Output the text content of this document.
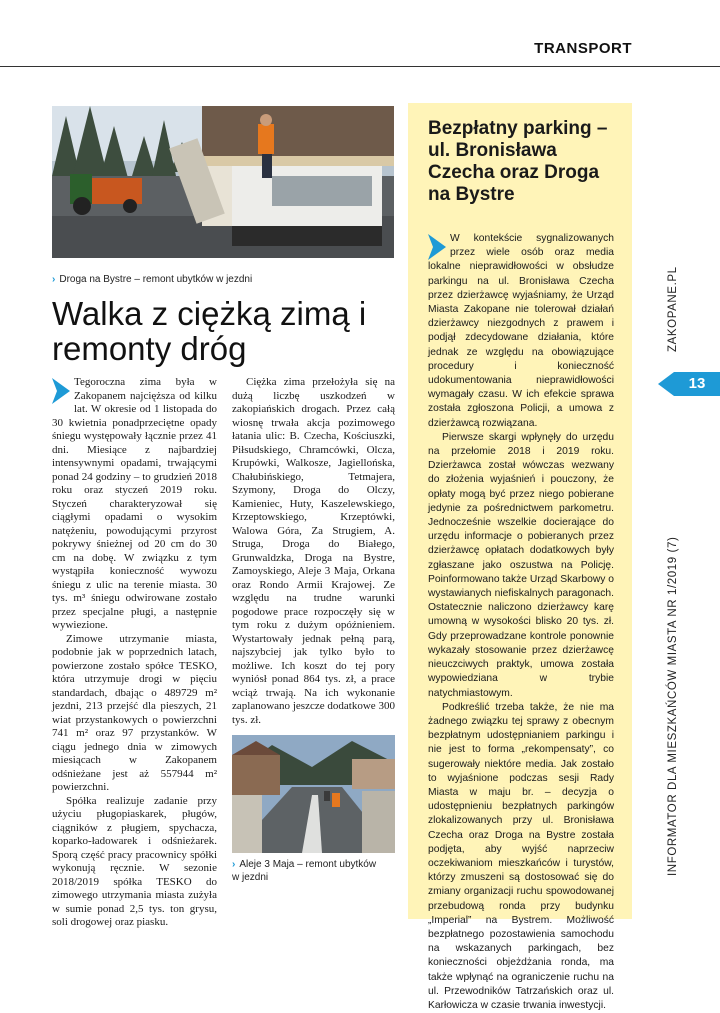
TRANSPORT
› Droga na Bystre – remont ubytków w jezdni
Walka z ciężką zimą i remonty dróg

Tegoroczna zima była w Zakopanem najcięższa od kilku lat. W okresie od 1 listopada do 30 kwietnia ponadprzeciętne opady śniegu występowały łącznie przez 41 dni. Miesiące z najbardziej intensywnymi opadami, trwającymi ponad 24 godziny – to grudzień 2018 roku oraz styczeń 2019 roku. Styczeń charakteryzował się ciągłymi opadami o wysokim natężeniu, powodującymi przyrost pokrywy śnieżnej od 20 cm do 30 cm na dobę. W związku z tym wystąpiła konieczność wywozu śniegu z ulic na terenie miasta. 30 tys. m³ śniegu odwirowane zostało przez specjalne pługi, a następnie wywiezione.

Zimowe utrzymanie miasta, podobnie jak w poprzednich latach, powierzone zostało spółce TESKO, która utrzymuje drogi w pięciu standardach, dbając o 489729 m² jezdni, 213 przejść dla pieszych, 21 wiat przystankowych o powierzchni 741 m² oraz 97 przystanków. W ciągu jednego dnia w zimowych miesiącach w Zakopanem odśnieżane jest aż 557944 m² powierzchni.

Spółka realizuje zadanie przy użyciu pługopiaskarek, pługów, ciągników z pługiem, spychacza, koparko-ładowarek i odśnieżarek. Sporą część pracy pracownicy spółki wykonują ręcznie. W sezonie 2018/2019 spółka TESKO do zimowego utrzymania miasta zużyła w sumie ponad 2,5 tys. ton grysu, soli drogowej oraz piasku.

Ciężka zima przełożyła się na dużą liczbę uszkodzeń w zakopiańskich drogach. Przez całą wiosnę trwała akcja pozimowego łatania ulic: B. Czecha, Kościuszki, Piłsudskiego, Chramcówki, Olcza, Krupówki, Walkosze, Jagiellońska, Chałubińskiego, Tetmajera, Szymony, Droga do Olczy, Kamieniec, Huty, Kaszelewskiego, Krzeptowskiego, Krzeptówki, Walowa Góra, Za Strugiem, A. Struga, Droga do Białego, Grunwaldzka, Droga na Bystre, Zamoyskiego, Aleje 3 Maja, Orkana oraz Rondo Armii Krajowej. Ze względu na trudne warunki pogodowe prace rozpoczęły się w tym roku z dużym opóźnieniem. Wystartowały jednak pełną parą, najszybciej jak tylko było to możliwe. Ich koszt do tej pory wyniósł ponad 864 tys. zł, a prace wciąż trwają. Na ich wykonanie zaplanowano jeszcze dodatkowe 300 tys. zł.

› Aleje 3 Maja – remont ubytków w jezdni
Bezpłatny parking – ul. Bronisława Czecha oraz Droga na Bystre

W kontekście sygnalizowanych przez wiele osób oraz media lokalne nieprawidłowości w obsłudze parkingu na ul. Bronisława Czecha przez dzierżawcę wyjaśniamy, że Urząd Miasta Zakopane nie tolerował działań dzierżawcy niezgodnych z prawem i podjął zdecydowane działania, które jednak ze względu na obowiązujące procedury i konieczność udokumentowania nieprawidłowości wymagały czasu. W ich efekcie sprawa została zgłoszona Policji, a umowa z dzierżawcą rozwiązana.

Pierwsze skargi wpłynęły do urzędu na przełomie 2018 i 2019 roku. Dzierżawca został wówczas wezwany do złożenia wyjaśnień i pouczony, że opłaty mogą być przez niego pobierane jedynie za pośrednictwem parkometru. Jednocześnie wszelkie docierające do urzędu informacje o pobieranych przez dzierżawcę opłatach dodatkowych były zgłaszane jako oszustwa na Policję. Poinformowano także Urząd Skarbowy o wystawianych niefiskalnych paragonach. Ostatecznie naliczono dzierżawcy karę umowną w wysokości blisko 20 tys. zł. Gdy przeprowadzane kontrole ponownie wykazały stosowanie przez dzierżawcę nieuczciwych praktyk, umowa została wypowiedziana w trybie natychmiastowym.

Podkreślić trzeba także, że nie ma żadnego związku tej sprawy z obecnym bezpłatnym udostępnianiem parkingu i nie jest to forma „rekompensaty”, co sugerowały niektóre media. Jak zostało to wyjaśnione podczas sesji Rady Miasta w maju br. – decyzja o udostępnieniu bezpłatnych parkingów zlokalizowanych przy ul. Bronisława Czecha oraz Droga na Bystre została podjęta, aby wyjść naprzeciw oczekiwaniom mieszkańców i turystów, którzy zmuszeni są dostosować się do zmiany organizacji ruchu spowodowanej przebudową ronda przy budynku „Imperial” na Bystrem. Możliwość bezpłatnego pozostawienia samochodu na wskazanych parkingach, bez konieczności objeżdżania ronda, ma także wpłynąć na ograniczenie ruchu na ul. Przewodników Tatrzańskich oraz ul. Karłowicza w czasie trwania inwestycji.

ZAKOPANE.PL
13
INFORMATOR DLA MIESZKAŃCÓW MIASTA NR 1/2019 (7)
